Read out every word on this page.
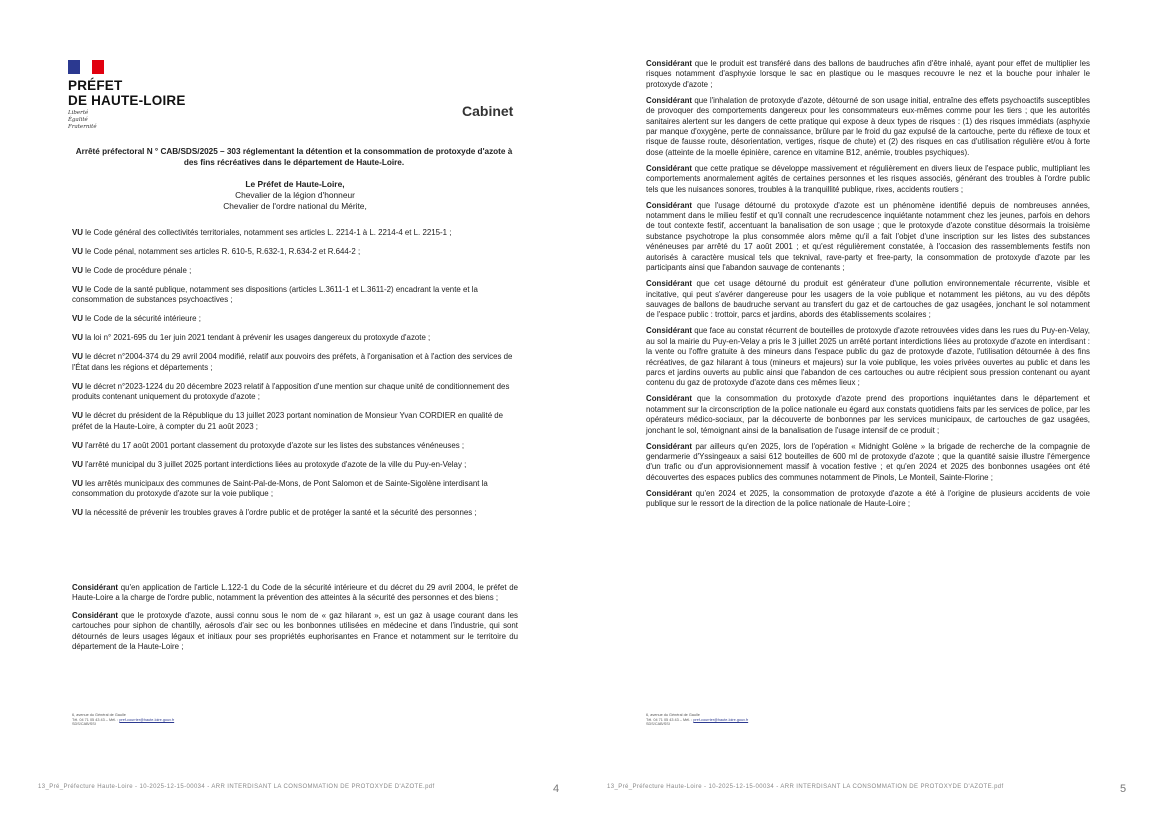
PRÉFET
DE HAUTE-LOIRE
Liberté
Égalité
Fraternité
Cabinet
Arrêté préfectoral N ° CAB/SDS/2025 – 303 réglementant la détention et la consommation de protoxyde d'azote à des fins récréatives dans le département de Haute-Loire.
Le Préfet de Haute-Loire,
Chevalier de la légion d'honneur
Chevalier de l'ordre national du Mérite,

VU le Code général des collectivités territoriales, notamment ses articles L. 2214-1 à L. 2214-4 et L. 2215-1 ;

VU le Code pénal, notamment ses articles R. 610-5, R.632-1, R.634-2 et R.644-2 ;

VU le Code de procédure pénale ;

VU le Code de la santé publique, notamment ses dispositions (articles L.3611-1 et L.3611-2) encadrant la vente et la consommation de substances psychoactives ;

VU le Code de la sécurité intérieure ;

VU la loi n° 2021-695 du 1er juin 2021 tendant à prévenir les usages dangereux du protoxyde d'azote ;

VU le décret n°2004-374 du 29 avril 2004 modifié, relatif aux pouvoirs des préfets, à l'organisation et à l'action des services de l'État dans les régions et départements ;

VU le décret n°2023-1224 du 20 décembre 2023 relatif à l'apposition d'une mention sur chaque unité de conditionnement des produits contenant uniquement du protoxyde d'azote ;

VU le décret du président de la République du 13 juillet 2023 portant nomination de Monsieur Yvan CORDIER en qualité de préfet de la Haute-Loire, à compter du 21 août 2023 ;

VU l'arrêté du 17 août 2001 portant classement du protoxyde d'azote sur les listes des substances vénéneuses ;

VU l'arrêté municipal du 3 juillet 2025 portant interdictions liées au protoxyde d'azote de la ville du Puy-en-Velay ;

VU les arrêtés municipaux des communes de Saint-Pal-de-Mons, de Pont Salomon et de Sainte-Sigolène interdisant la consommation du protoxyde d'azote sur la voie publique ;

VU la nécessité de prévenir les troubles graves à l'ordre public et de protéger la santé et la sécurité des personnes ;

Considérant qu'en application de l'article L.122-1 du Code de la sécurité intérieure et du décret du 29 avril 2004, le préfet de Haute-Loire a la charge de l'ordre public, notamment la prévention des atteintes à la sécurité des personnes et des biens ;

Considérant que le protoxyde d'azote, aussi connu sous le nom de « gaz hilarant », est un gaz à usage courant dans les cartouches pour siphon de chantilly, aérosols d'air sec ou les bonbonnes utilisées en médecine et dans l'industrie, qui sont détournés de leurs usages légaux et initiaux pour ses propriétés euphorisantes en France et notamment sur le territoire du département de la Haute-Loire ;

6, avenue du Général de Gaulle
Tél. 04 71 05 43 43 – Mél. : pref-courrier@haute-loire.gouv.fr
SDS/CAB/SSI
13_Pré_Préfecture Haute-Loire - 10-2025-12-15-00034 - ARR INTERDISANT LA CONSOMMATION DE PROTOXYDE D'AZOTE.pdf	4

Considérant que le produit est transféré dans des ballons de baudruches afin d'être inhalé, ayant pour effet de multiplier les risques notamment d'asphyxie lorsque le sac en plastique ou le masques recouvre le nez et la bouche pour inhaler le protoxyde d'azote ;

Considérant que l'inhalation de protoxyde d'azote, détourné de son usage initial, entraîne des effets psychoactifs susceptibles de provoquer des comportements dangereux pour les consommateurs eux-mêmes comme pour les tiers ; que les autorités sanitaires alertent sur les dangers de cette pratique qui expose à deux types de risques : (1) des risques immédiats (asphyxie par manque d'oxygène, perte de connaissance, brûlure par le froid du gaz expulsé de la cartouche, perte du réflexe de toux et risque de fausse route, désorientation, vertiges, risque de chute) et (2) des risques en cas d'utilisation régulière et/ou à forte dose (atteinte de la moelle épinière, carence en vitamine B12, anémie, troubles psychiques).

Considérant que cette pratique se développe massivement et régulièrement en divers lieux de l'espace public, multipliant les comportements anormalement agités de certaines personnes et les risques associés, générant des troubles à l'ordre public tels que les nuisances sonores, troubles à la tranquillité publique, rixes, accidents routiers ;

Considérant que l'usage détourné du protoxyde d'azote est un phénomène identifié depuis de nombreuses années, notamment dans le milieu festif et qu'il connaît une recrudescence inquiétante notamment chez les jeunes, parfois en dehors de tout contexte festif, accentuant la banalisation de son usage ; que le protoxyde d'azote constitue désormais la troisième substance psychotrope la plus consommée alors même qu'il a fait l'objet d'une inscription sur les listes des substances vénéneuses par arrêté du 17 août 2001 ; et qu'est régulièrement constatée, à l'occasion des rassemblements festifs non autorisés à caractère musical tels que teknival, rave-party et free-party, la consommation de protoxyde d'azote par les participants ainsi que l'abandon sauvage de contenants ;

Considérant que cet usage détourné du produit est générateur d'une pollution environnementale récurrente, visible et incitative, qui peut s'avérer dangereuse pour les usagers de la voie publique et notamment les piétons, au vu des dépôts sauvages de ballons de baudruche servant au transfert du gaz et de cartouches de gaz usagées, jonchant le sol notamment de l'espace public : trottoir, parcs et jardins, abords des établissements scolaires ;

Considérant que face au constat récurrent de bouteilles de protoxyde d'azote retrouvées vides dans les rues du Puy-en-Velay, au sol la mairie du Puy-en-Velay a pris le 3 juillet 2025 un arrêté portant interdictions liées au protoxyde d'azote en interdisant : la vente ou l'offre gratuite à des mineurs dans l'espace public du gaz de protoxyde d'azote, l'utilisation détournée à des fins récréatives, de gaz hilarant à tous (mineurs et majeurs) sur la voie publique, les voies privées ouvertes au public et dans les parcs et jardins ouverts au public ainsi que l'abandon de ces cartouches ou autre récipient sous pression contenant ou ayant contenu du gaz de protoxyde d'azote dans ces mêmes lieux ;

Considérant que la consommation du protoxyde d'azote prend des proportions inquiétantes dans le département et notamment sur la circonscription de la police nationale eu égard aux constats quotidiens faits par les services de police, par les opérateurs médico-sociaux, par la découverte de bonbonnes par les services municipaux, de cartouches de gaz usagées, jonchant le sol, témoignant ainsi de la banalisation de l'usage intensif de ce produit ;

Considérant par ailleurs qu'en 2025, lors de l'opération « Midnight Golène » la brigade de recherche de la compagnie de gendarmerie d'Yssingeaux a saisi 612 bouteilles de 600 ml de protoxyde d'azote ; que la quantité saisie illustre l'émergence d'un trafic ou d'un approvisionnement massif à vocation festive ; et qu'en 2024 et 2025 des bonbonnes usagées ont été découvertes des espaces publics des communes notamment de Pinols, Le Monteil, Sainte-Florine ;

Considérant qu'en 2024 et 2025, la consommation de protoxyde d'azote a été à l'origine de plusieurs accidents de voie publique sur le ressort de la direction de la police nationale de Haute-Loire ;

6, avenue du Général de Gaulle
Tél. 04 71 05 43 43 – Mél. : pref-courrier@haute-loire.gouv.fr
SDS/CAB/SSI
13_Pré_Préfecture Haute-Loire - 10-2025-12-15-00034 - ARR INTERDISANT LA CONSOMMATION DE PROTOXYDE D'AZOTE.pdf	5
